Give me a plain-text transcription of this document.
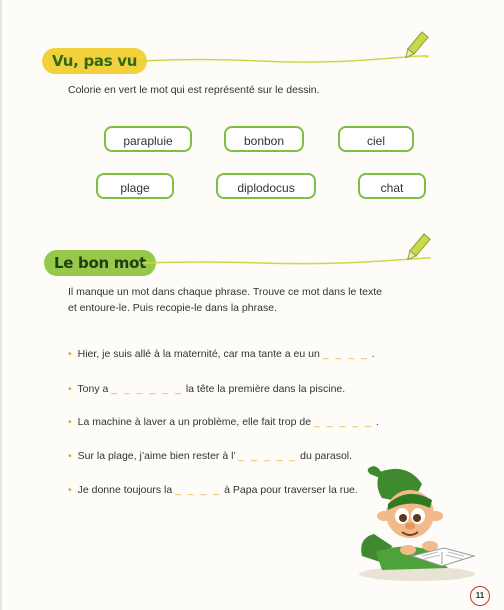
Vu, pas vu
Colorie en vert le mot qui est représenté sur le dessin.
parapluie	bonbon	ciel
plage	diplodocus	chat
Le bon mot
Il manque un mot dans chaque phrase. Trouve ce mot dans le texte
et entoure-le. Puis recopie-le dans la phrase.
• Hier, je suis allé à la maternité, car ma tante a eu un _ _ _ _ .
• Tony a _ _ _ _ _ _ la tête la première dans la piscine.
• La machine à laver a un problème, elle fait trop de _ _ _ _ _ .
• Sur la plage, j’aime bien rester à l’ _ _ _ _ _ du parasol.
• Je donne toujours la _ _ _ _ à Papa pour traverser la rue.
11
